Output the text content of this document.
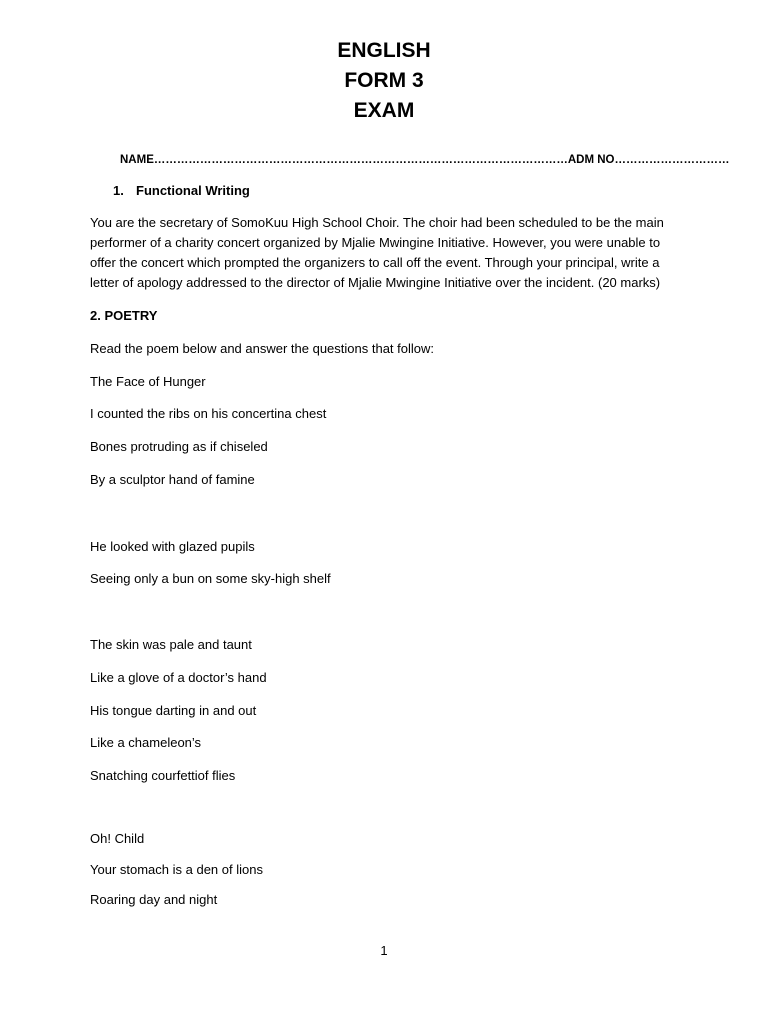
ENGLISH
FORM 3
EXAM
NAME………………………………………………………………………………………………ADM NO…………………………
1. Functional Writing
You are the secretary of SomoKuu High School Choir. The choir had been scheduled to be the main performer of a charity concert organized by Mjalie Mwingine Initiative. However, you were unable to offer the concert which prompted the organizers to call off the event. Through your principal, write a letter of apology addressed to the director of Mjalie Mwingine Initiative over the incident. (20 marks)
2. POETRY
Read the poem below and answer the questions that follow:
The Face of Hunger
I counted the ribs on his concertina chest
Bones protruding as if chiseled
By a sculptor hand of famine
He looked with glazed pupils
Seeing only a bun on some sky-high shelf
The skin was pale and taunt
Like a glove of a doctor’s hand
His tongue darting in and out
Like a chameleon’s
Snatching courfettiof flies
Oh! Child
Your stomach is a den of lions
Roaring day and night
1
